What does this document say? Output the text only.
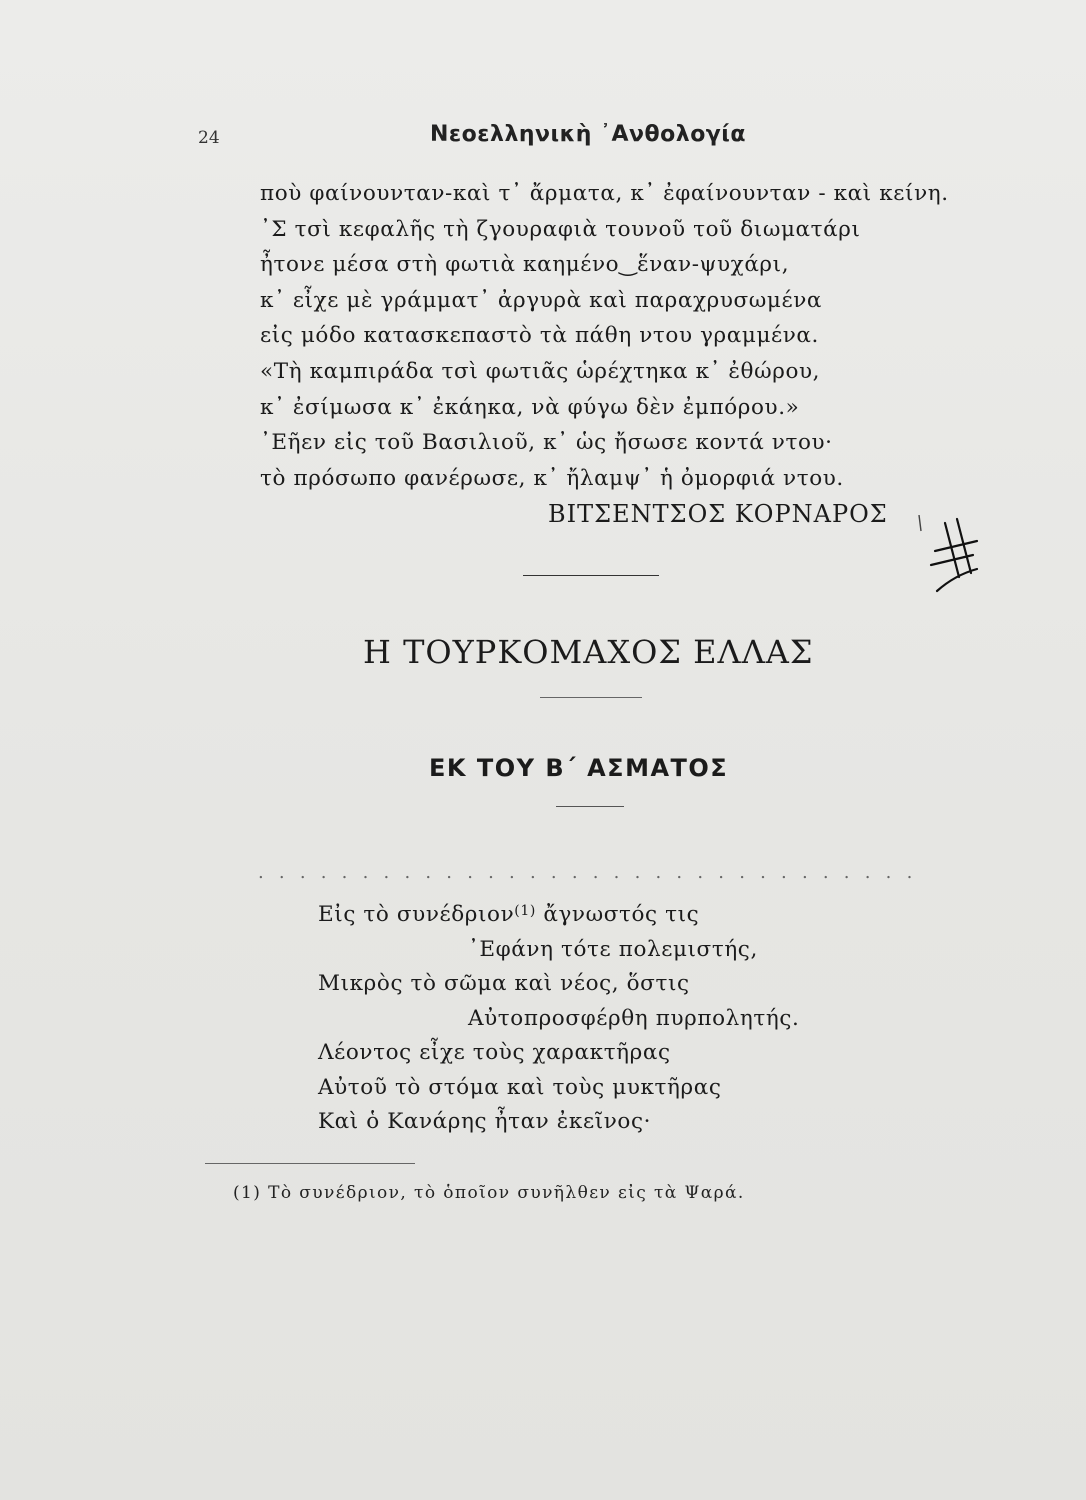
24	Νεοελληνικὴ ᾿Ανθολογία
ποὺ φαίνουνταν-καὶ τ᾿ ἄρματα, κ᾿ ἐφαίνουνταν - καὶ κείνη.
᾿Σ τσὶ κεφαλῆς τὴ ζγουραφιὰ τουνοῦ τοῦ διωματάρι
ἦτονε μέσα στὴ φωτιὰ καημένο‿ἕναν-ψυχάρι,
κ᾿ εἶχε μὲ γράμματ᾿ ἀργυρὰ καὶ παραχρυσωμένα
εἰς μόδο κατασκεπαστὸ τὰ πάθη ντου γραμμένα.
«Τὴ καμπιράδα τσὶ φωτιᾶς ὡρέχτηκα κ᾿ ἐθώρου,
κ᾿ ἐσίμωσα κ᾿ ἐκάηκα, νὰ φύγω δὲν ἐμπόρου.»
᾿Εῆεν εἰς τοῦ Βασιλιοῦ, κ᾿ ὡς ἤσωσε κοντά ντου·
τὸ πρόσωπο φανέρωσε, κ᾿ ἤλαμψ᾿ ἡ ὀμορφιά ντου.
ΒΙΤΣΕΝΤΣΟΣ ΚΟΡΝΑΡΟΣ
Η ΤΟΥΡΚΟΜΑΧΟΣ ΕΛΛΑΣ
ΕΚ ΤΟΥ Β΄ ΑΣΜΑΤΟΣ
................................
Εἰς τὸ συνέδριον$^{(1)}$ ἄγνωστός τις
᾿Εφάνη τότε πολεμιστής,
Μικρὸς τὸ σῶμα καὶ νέος, ὅστις
Αὐτοπροσφέρθη πυρπολητής.
Λέοντος εἶχε τοὺς χαρακτῆρας
Αὐτοῦ τὸ στόμα καὶ τοὺς μυκτῆρας
Καὶ ὁ Κανάρης ἦταν ἐκεῖνος·
(1) Τὸ συνέδριον, τὸ ὁποῖον συνῆλθεν εἰς τὰ Ψαρά.
